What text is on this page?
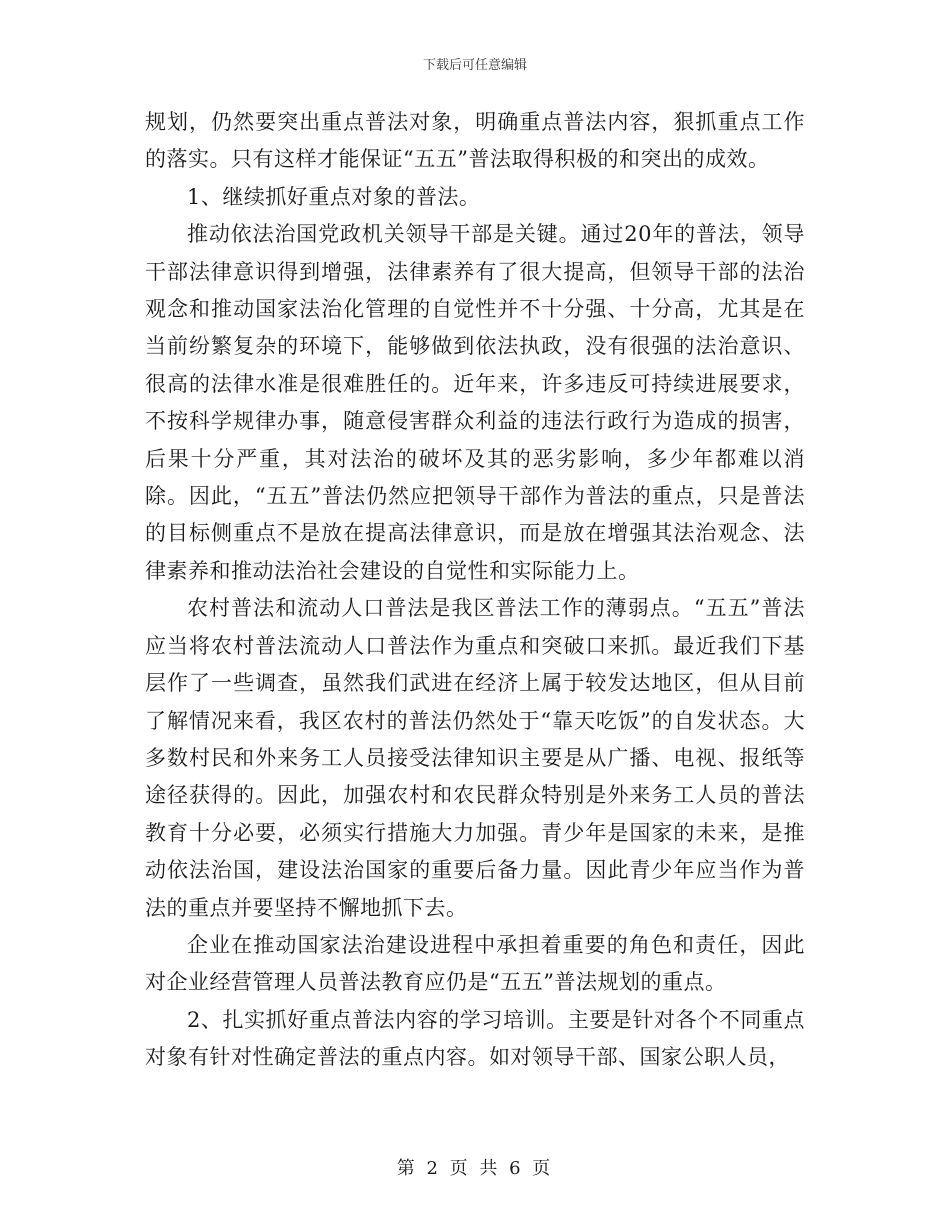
下载后可任意编辑

规划，仍然要突出重点普法对象，明确重点普法内容，狠抓重点工作的落实。只有这样才能保证“五五”普法取得积极的和突出的成效。

1、继续抓好重点对象的普法。

推动依法治国党政机关领导干部是关键。通过20年的普法，领导干部法律意识得到增强，法律素养有了很大提高，但领导干部的法治观念和推动国家法治化管理的自觉性并不十分强、十分高，尤其是在当前纷繁复杂的环境下，能够做到依法执政，没有很强的法治意识、很高的法律水准是很难胜任的。近年来，许多违反可持续进展要求，不按科学规律办事，随意侵害群众利益的违法行政行为造成的损害，后果十分严重，其对法治的破坏及其的恶劣影响，多少年都难以消除。因此，“五五”普法仍然应把领导干部作为普法的重点，只是普法的目标侧重点不是放在提高法律意识，而是放在增强其法治观念、法律素养和推动法治社会建设的自觉性和实际能力上。

农村普法和流动人口普法是我区普法工作的薄弱点。“五五”普法应当将农村普法流动人口普法作为重点和突破口来抓。最近我们下基层作了一些调查，虽然我们武进在经济上属于较发达地区，但从目前了解情况来看，我区农村的普法仍然处于“靠天吃饭”的自发状态。大多数村民和外来务工人员接受法律知识主要是从广播、电视、报纸等途径获得的。因此，加强农村和农民群众特别是外来务工人员的普法教育十分必要，必须实行措施大力加强。青少年是国家的未来，是推动依法治国，建设法治国家的重要后备力量。因此青少年应当作为普法的重点并要坚持不懈地抓下去。

企业在推动国家法治建设进程中承担着重要的角色和责任，因此对企业经营管理人员普法教育应仍是“五五”普法规划的重点。

2、扎实抓好重点普法内容的学习培训。主要是针对各个不同重点对象有针对性确定普法的重点内容。如对领导干部、国家公职人员，

第 2 页 共 6 页
